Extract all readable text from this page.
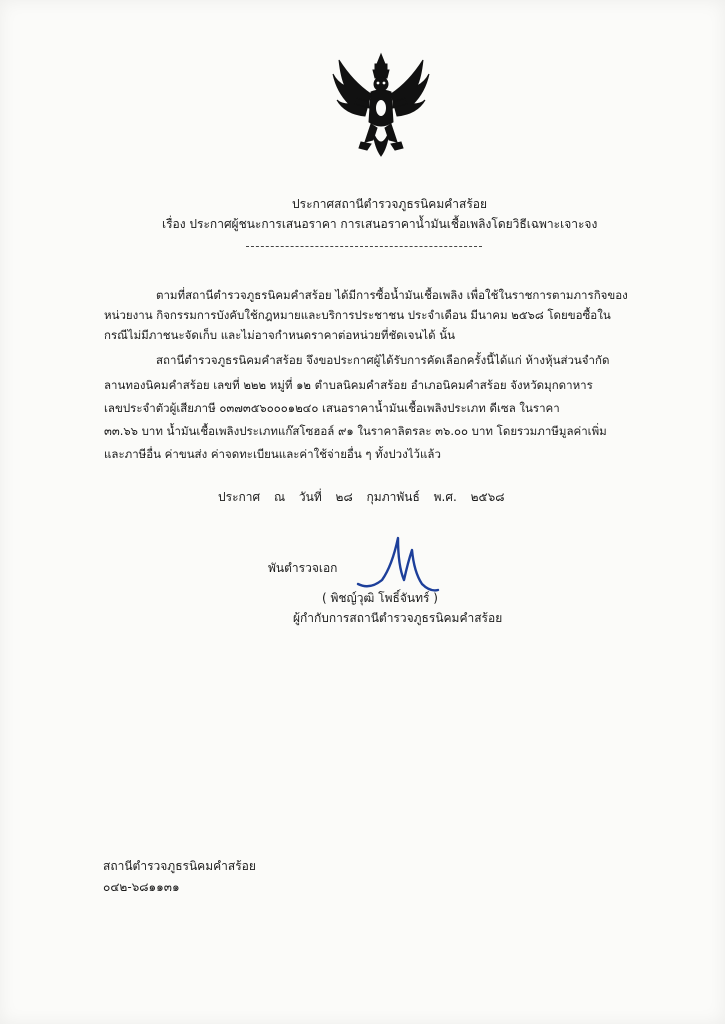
ประกาศสถานีตำรวจภูธรนิคมคำสร้อย
เรื่อง ประกาศผู้ชนะการเสนอราคา การเสนอราคาน้ำมันเชื้อเพลิงโดยวิธีเฉพาะเจาะจง
ตามที่สถานีตำรวจภูธรนิคมคำสร้อย ได้มีการซื้อน้ำมันเชื้อเพลิง เพื่อใช้ในราชการตามภารกิจของ
หน่วยงาน กิจกรรมการบังคับใช้กฎหมายและบริการประชาชน ประจำเดือน มีนาคม ๒๕๖๘ โดยขอซื้อใน
กรณีไม่มีภาชนะจัดเก็บ และไม่อาจกำหนดราคาต่อหน่วยที่ชัดเจนได้ นั้น
สถานีตำรวจภูธรนิคมคำสร้อย จึงขอประกาศผู้ได้รับการคัดเลือกครั้งนี้ได้แก่ ห้างหุ้นส่วนจำกัด
ลานทองนิคมคำสร้อย เลขที่ ๒๒๒ หมู่ที่ ๑๒ ตำบลนิคมคำสร้อย อำเภอนิคมคำสร้อย จังหวัดมุกดาหาร
เลขประจำตัวผู้เสียภาษี ๐๓๗๓๕๖๐๐๐๑๒๔๐ เสนอราคาน้ำมันเชื้อเพลิงประเภท ดีเซล ในราคา
๓๓.๖๖ บาท น้ำมันเชื้อเพลิงประเภทแก๊สโซฮอล์ ๙๑ ในราคาลิตรละ ๓๖.๐๐ บาท โดยรวมภาษีมูลค่าเพิ่ม
และภาษีอื่น ค่าขนส่ง ค่าจดทะเบียนและค่าใช้จ่ายอื่น ๆ ทั้งปวงไว้แล้ว
ประกาศ ณ วันที่ ๒๘ กุมภาพันธ์ พ.ศ. ๒๕๖๘
พันตำรวจเอก
( พิชญ์วุฒิ โพธิ์จันทร์ )
ผู้กำกับการสถานีตำรวจภูธรนิคมคำสร้อย
สถานีตำรวจภูธรนิคมคำสร้อย
๐๔๒-๖๘๑๑๓๑
